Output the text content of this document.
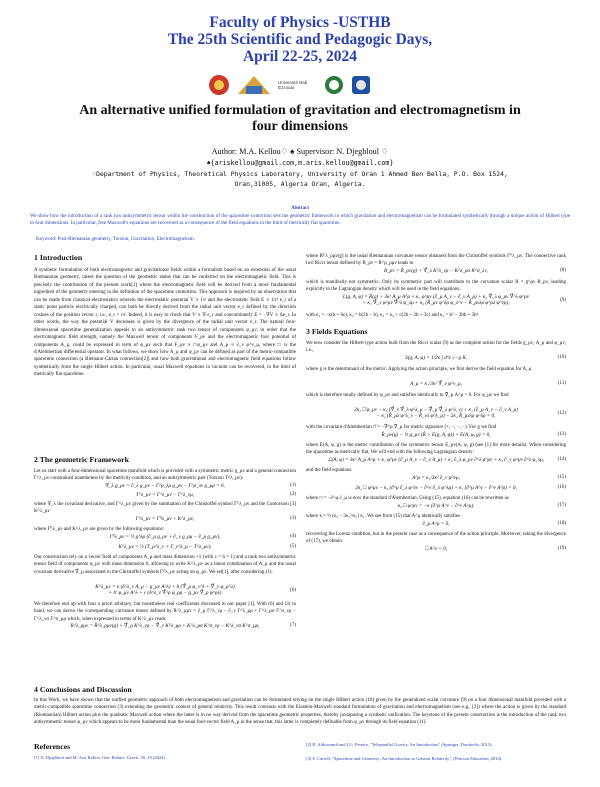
Faculty of Physics -USTHB
The 25th Scientific and Pedagogic Days,
April 22-25, 2024
Université Bab Ezzouar
An alternative unified formulation of gravitation and electromagnetism in
four dimensions
Author: M.A. Kellou♢ ♠ Supervisor: N. Djeghloul ♢
♠{ariskellou@gmail.com,m.aris.kellou@gmail.com}
♢Department of Physics, Theoretical Physics Laboratory, University of Oran 1 Ahmed Ben Bella, P.O. Box 1524,
Oran,31005, Algeria Oran, Algeria.
Abstract
We show how the introduction of a rank two antisymmetric tensor within the construction of the spacetime contortion sets the geometric framework in which gravitation and electromagnetism can be formulated synthetically through a unique action of Hilbert type in four dimensions. In particular, free Maxwell's equations are recovered as a consequence of the field equations in the limit of metrically flat spacetime.
Keyword: Post-Riemanian geometry, Torsion, Gravitation, Electromagnetism.
1 Introduction
A synthetic formulation of both electromagnetic and gravitational fields within a formalism based on an extension of the usual Riemannian geometry, raises the question of the geometric status that can be conferred on the electromagnetic field. This is precisely the contribution of the present work[1] where the electromagnetic field will be derived from a more fundamental ingredient of the geometry entering in the definition of the spacetime contortion. This approach is inspired by an observation that can be made from classical electrostatics wherein the electrostatic potential V ∝ 1/r and the electrostatic field E ∝ 1/r² e_r of a static point particle electrically charged, can both be directly derived from the radial unit vector e_r defined by the direction cosines of the position vector r, i.e., e_r = r/r. Indeed, it is easy to check that V ∝ ∇·e_r and concomitantly E = −∇V ∝ Δe_r. In other words, the way the potential V decreases is given by the divergence of the radial unit vector e_r. The natural four-dimensional spacetime generalization appeals to an antisymmetric rank two tensor of components φ_μν, in order that the electromagnetic field strength, namely the Maxwell tensor of components F_μν and the electromagnetic four potential of components A_μ, could be expressed in term of φ_μν such that F_μν ∝ □φ_μν and A_μ ∝ ∂_ν φ^ν_μ, where □ is the d'Alembertian differential operator. In what follows, we show how A_μ and φ_μν can be defined as part of the metric-compatible spacetime connection (a Riemann-Cartan connection[2]) and how both gravitational and electromagnetic field equations follow synthetically from the single Hilbert action. In particular, usual Maxwell equations in vacuum can be recovered, in the limit of metrically flat spacetime.
2 The geometric Framework
Let us start with a four-dimensional spacetime manifold which is provided with a symmetric metric g_μν and a general connection Γ^λ_μν constrained nonetheless by the metricity condition, and an antisymmetric part (Torsion T^λ_μν):
∇_λ g_μν = ∂_λ g_μν − Γ^ρ_λμ g_ρν − Γ^ρ_λν g_μρ = 0,	(1)
T^λ_μν = Γ^λ_μν − Γ^λ_νμ,	(2)
where ∇_λ the covariant derivative, and Γ^λ_μν given by the summation of the Christoffel symbol Γ̊^λ_μν and the Contorsion [3] K^λ_μν
Γ^λ_μν = Γ̊^λ_μν + K^λ_μν,	(3)
where Γ̊^λ_μν and K^λ_μν are given by the following equations:
Γ̊^λ_μν = ½ g^λρ (∂_μ g_ρν + ∂_ν g_ρμ − ∂_ρ g_μν),	(4)
K^λ_μν = ½ (T_μ^λ_ν + T_ν^λ_μ − T^λ_μν).	(5)
Our construction rely on a vector field of components A_μ and mass dimension +1 (with c = h = 1) and a rank two antisymmetric tensor field of components φ_μν with mass dimension 0, allowing to write K^λ_μν as a linear combination of A_μ and the usual covariant derivative ∇̊_μ associated to the Christoffel symbols Γ̊^λ_μν acting on φ_μν. We set[1], after considering (1):
K^λ_μν = κ (δ^λ_ν A_μ − g_μν A^λ) + b (∇̊_μ φ_ν^λ + ∇̊_ν φ_μ^λ)
+ b′ φ_μν A^λ + c (δ^λ_ν ∇̊^ρ φ_ρμ − g_μν ∇̊_ρ φ^ρλ)	(6)
We therefore end up with four a priori arbitrary, but nonetheless real coefficients discussed in our paper [1]. With (6) and (3) in hand, we can derive the corresponding curvature tensor defined by R^λ_ρμν = ∂_μ Γ^λ_νρ − ∂_ν Γ^λ_μρ + Γ^λ_μσ Γ^σ_νρ − Γ^λ_νσ Γ^σ_μρ which, when expressed in terms of K^λ_μν reads
R^λ_ρμν = R̊^λ_ρμν(g) + ∇̊_μ K^λ_νρ − ∇̊_ν K^λ_μρ + K^λ_μσ K^σ_νρ − K^λ_νσ K^σ_μρ,	(7)
where R̊^λ_ρμν(g) is the usual Riemannian curvature tensor obtained from the Christoffel symbols Γ̊^λ_μν. The connective rank two Ricci tensor defined by R_ρν = R^μ_ρμν leads to
R_ρν = R̊_ρν(g) + ∇̊_λ K^λ_νρ − K^λ_ρσ K^σ_λν,	(8)
which is manifestly not symmetric. Only its symmetric part will contribute to the curvature scalar R = g^ρν R_ρν, leading explicitly to the Lagrangian density which will be used in the field equations.
L(g, A, φ) = R̊(g) + 3κ² A_μ A^μ + κ₁ φ^μν (∂_μ A_ν − ∂_ν A_μ) + κ₂ ∇̊_λ φ_μν ∇̊^λ φ^μν
+ κ₃ ∇̊_ν φ^μν ∇̊^λ φ_λμ + κ₄ (R̊_μν φ^λμ φ_λ^ν − R̊_μνλρ φ^μλ φ^νρ),	(9)
with κ₁ = −κ(b + 6c), κ₂ = b(2b − b), κ₃ = κ₄ + c(2b + 2b + 3c) and κ₄ = b² − 2bb + 3b².
3 Fields Equations
We now consider the Hilbert type action built from the Ricci scalar (9) as the complete action for the fields g_μν, A_μ and φ_μν, i.e.,
S(g, A, φ) = 1/2κ ∫ d⁴x √−g R,	(10)
where g is the determinant of the metric. Applying the action principle, we first derive the field equation for A_μ
A_μ = κ₁/3κ² ∇̊_ν φ^ν_μ,	(11)
which is therefore totally defined by φ_μν and satisfies identically to ∇̊_μ A^μ = 0. For φ_μν we find
2κ₂ □̊ φ_μν − κ₃ (∇̊_ν ∇̊_λ φ^λ_μ − ∇̊_μ ∇̊_λ φ^λ_ν) + κ₁ (∂_μ A_ν − ∂_ν A_μ)
− κ₄ (R̊_μλ φ^λ_ν − R̊_νλ φ^λ_μ) − 2κ₄ R̊_μνλρ φ^λρ = 0,	(12)
with the covariant d'Alembertian □̊ = −∇̊^μ ∇̊_μ for metric signature (+, −, −, −). For g we find
R̊_μν(g) − ½ g_μν (R̊ + E(g, A, φ)) + E(A, φ, g) = 0,	(13)
where E(A, φ, g) is the metric contribution of the symmetric tensor E_μν(A, φ, g) (see [1] for more details). When considering the spacetime as metrically flat, We will end with the following Lagrangian density:
ℒ(A, φ) = 3κ² A_μ A^μ + κ₁ φ^μν (∂_μ A_ν − ∂_ν A_μ) + κ₂ ∂_λ φ_μν ∂^λ φ^μν + κ₃ ∂_ν φ^μν ∂^λ φ_λμ,	(14)
and the field equations
A^μ = κ₁/3κ² ∂_ν φ^νμ,	(15)
2κ₂ □ φ^μν − κ₃ (∂^μ ∂_λ φ^λν − ∂^ν ∂_λ φ^λμ) + κ₁ (∂^μ A^ν − ∂^ν A^μ) = 0,	(16)
where □ = −∂^μ ∂_μ is now the standard d'Alembertian. Using (15), equation (16) can be rewritten as
κ₂ □ φ^μν = −κ (∂^μ A^ν − ∂^ν A^μ),	(17)
where κ = ½ (κ₃ − 3κ₁²/κ₁) κ₁. We see from (15) that A^μ identically satisfies
∂_μ A^μ = 0,	(18)
recovering the Lorenz condition, but in the present case as a consequence of the action principle. Moreover, taking the divergence of (17), we obtain
□ A^ν = 0,	(19)
4 Conclusions and Discussion
In this Work, we have shown that the unified geometric approach of both electromagnetism and gravitation can be formulated relying on the single Hilbert action (10) given by the generalized scalar curvature (9) on a four dimensional manifold provided with a metric-compatible spacetime connection (3) extending the geometric context of general relativity. This result contrasts with the Einstein-Maxwell standard formulation of gravitation and electromagnetism (see e.g., [3]) where the action is given by the standard (Riemannian) Hilbert action plus the quadratic Maxwell action where the latter is in no way derived from the spacetime geometric properties, thereby juxtaposing a synthetic unification. The keystone of the present construction is the introduction of the rank two antisymmetric tensor φ_μν which appears to be more fundamental than the usual four-vector field A_μ in the sense that, this latter is completely definable from φ_μν through its field equation (11).
References
[1] N. Djeghloul and M. Aris Kellou, Gen. Relativ. Gravit. 56, 19 (2024).
[2] R. Aldrovandi and J.G. Pereira, "Teleparallel Gravity. An Introduction" (Springer, Dordrecht, 2013).
[3] S. Carroll, "Spacetime and Geometry: An Introduction to General Relativity", (Pearson Education, 2014).
